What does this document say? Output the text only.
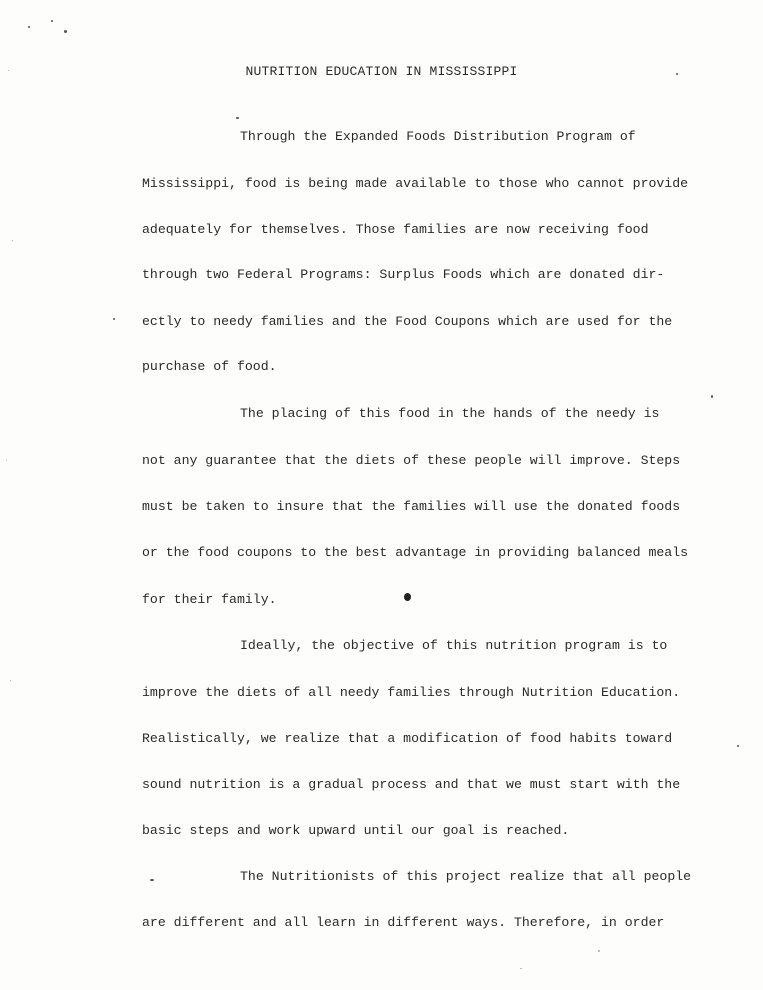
NUTRITION EDUCATION IN MISSISSIPPI
Through the Expanded Foods Distribution Program of
Mississippi, food is being made available to those who cannot provide
adequately for themselves. Those families are now receiving food
through two Federal Programs: Surplus Foods which are donated dir-
ectly to needy families and the Food Coupons which are used for the
purchase of food.
The placing of this food in the hands of the needy is
not any guarantee that the diets of these people will improve. Steps
must be taken to insure that the families will use the donated foods
or the food coupons to the best advantage in providing balanced meals
for their family.
Ideally, the objective of this nutrition program is to
improve the diets of all needy families through Nutrition Education.
Realistically, we realize that a modification of food habits toward
sound nutrition is a gradual process and that we must start with the
basic steps and work upward until our goal is reached.
The Nutritionists of this project realize that all people
are different and all learn in different ways. Therefore, in order
